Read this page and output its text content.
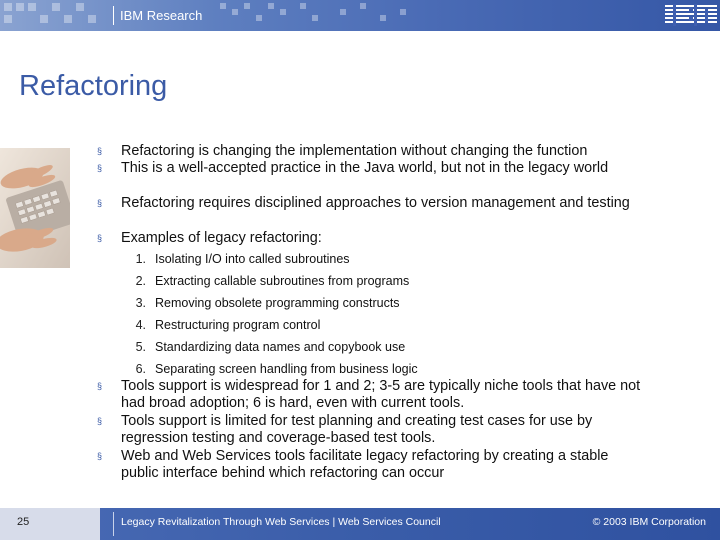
IBM Research
Refactoring
§ Refactoring is changing the implementation without changing the function
§ This is a well-accepted practice in the Java world, but not in the legacy world
§ Refactoring requires disciplined approaches to version management and testing
§ Examples of legacy refactoring:
1. Isolating I/O into called subroutines
2. Extracting callable subroutines from programs
3. Removing obsolete programming constructs
4. Restructuring program control
5. Standardizing data names and copybook use
6. Separating screen handling from business logic
§ Tools support is widespread for 1 and 2; 3-5 are typically niche tools that have not had broad adoption; 6 is hard, even with current tools.
§ Tools support is limited for test planning and creating test cases for use by regression testing and coverage-based test tools.
§ Web and Web Services tools facilitate legacy refactoring by creating a stable public interface behind which refactoring can occur
25	Legacy Revitalization Through Web Services | Web Services Council	© 2003 IBM Corporation
